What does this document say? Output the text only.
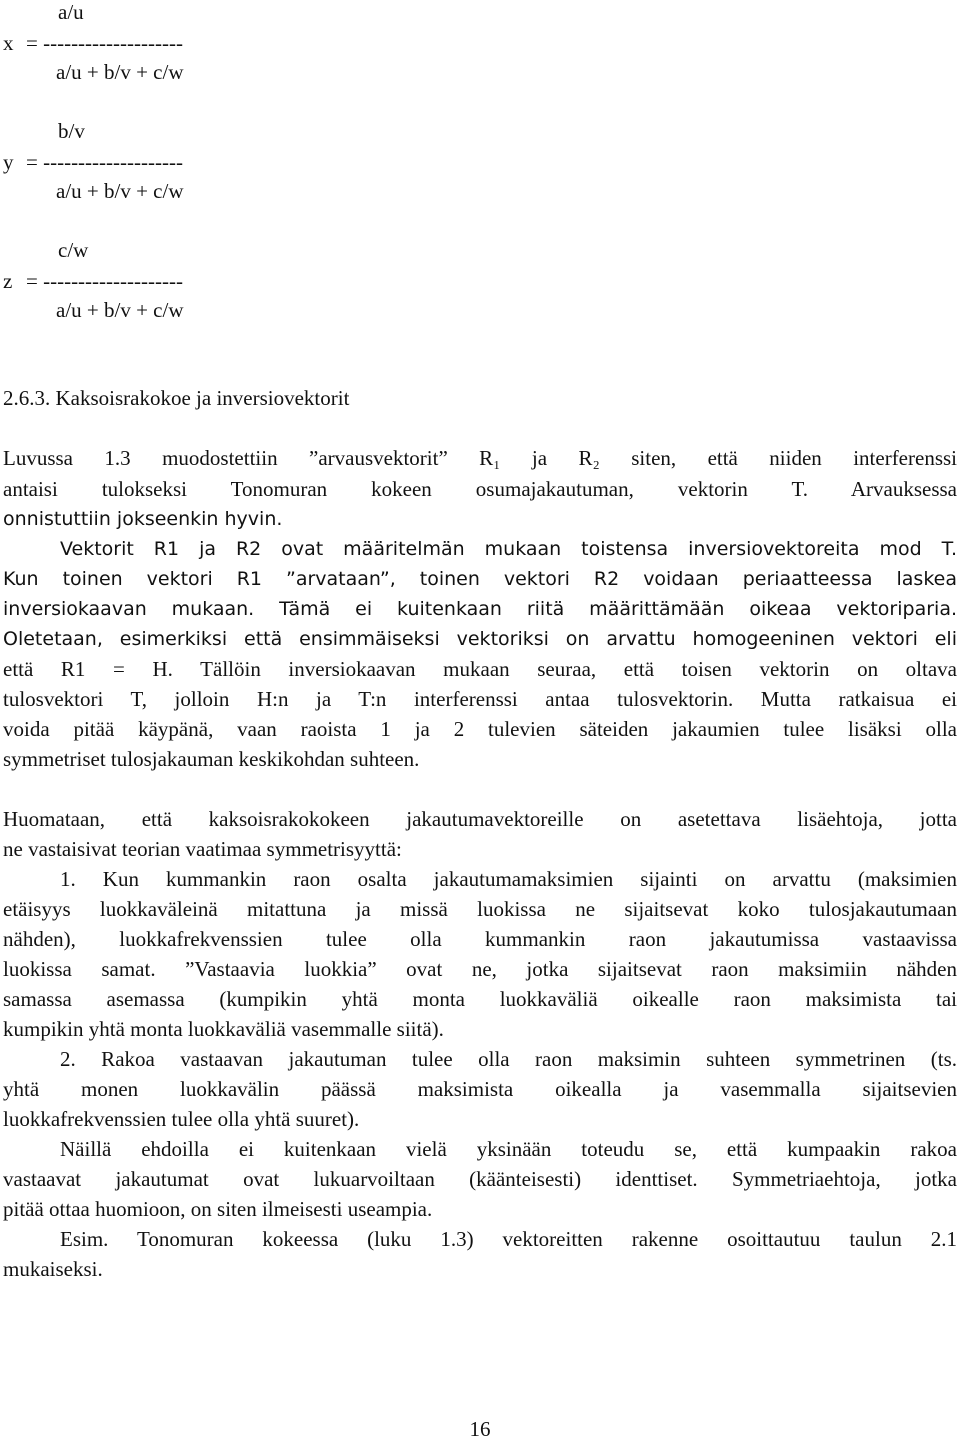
a/u
x = --------------------
a/u + b/v + c/w
b/v
y = --------------------
a/u + b/v + c/w
c/w
z = --------------------
a/u + b/v + c/w
2.6.3. Kaksoisrakokoe ja inversiovektorit
Luvussa 1.3 muodostettiin ”arvausvektorit” R₁ ja R₂ siten, että niiden interferenssi
antaisi tulokseksi Tonomuran kokeen osumajakautuman, vektorin T. Arvauksessa
onnistuttiin jokseenkin hyvin.
Vektorit R1 ja R2 ovat määritelmän mukaan toistensa inversiovektoreita mod T.
Kun toinen vektori R1 ”arvataan”, toinen vektori R2 voidaan periaatteessa laskea
inversiokaavan mukaan. Tämä ei kuitenkaan riitä määrittämään oikeaa vektoriparia.
Oletetaan, esimerkiksi että ensimmäiseksi vektoriksi on arvattu homogeeninen vektori eli
että R1 = H. Tällöin inversiokaavan mukaan seuraa, että toisen vektorin on oltava
tulosvektori T, jolloin H:n ja T:n interferenssi antaa tulosvektorin. Mutta ratkaisua ei
voida pitää käypänä, vaan raoista 1 ja 2 tulevien säteiden jakaumien tulee lisäksi olla
symmetriset tulosjakauman keskikohdan suhteen.
Huomataan, että kaksoisrakokokeen jakautumavektoreille on asetettava lisäehtoja, jotta
ne vastaisivat teorian vaatimaa symmetrisyyttä:
1. Kun kummankin raon osalta jakautumamaksimien sijainti on arvattu (maksimien
etäisyys luokkaväleinä mitattuna ja missä luokissa ne sijaitsevat koko tulosjakautumaan
nähden), luokkafrekvenssien tulee olla kummankin raon jakautumissa vastaavissa
luokissa samat. ”Vastaavia luokkia” ovat ne, jotka sijaitsevat raon maksimiin nähden
samassa asemassa (kumpikin yhtä monta luokkaväliä oikealle raon maksimista tai
kumpikin yhtä monta luokkaväliä vasemmalle siitä).
2. Rakoa vastaavan jakautuman tulee olla raon maksimin suhteen symmetrinen (ts.
yhtä monen luokkavälin päässä maksimista oikealla ja vasemmalla sijaitsevien
luokkafrekvenssien tulee olla yhtä suuret).
Näillä ehdoilla ei kuitenkaan vielä yksinään toteudu se, että kumpaakin rakoa
vastaavat jakautumat ovat lukuarvoiltaan (käänteisesti) identtiset. Symmetriaehtoja, jotka
pitää ottaa huomioon, on siten ilmeisesti useampia.
Esim. Tonomuran kokeessa (luku 1.3) vektoreitten rakenne osoittautuu taulun 2.1
mukaiseksi.
16
